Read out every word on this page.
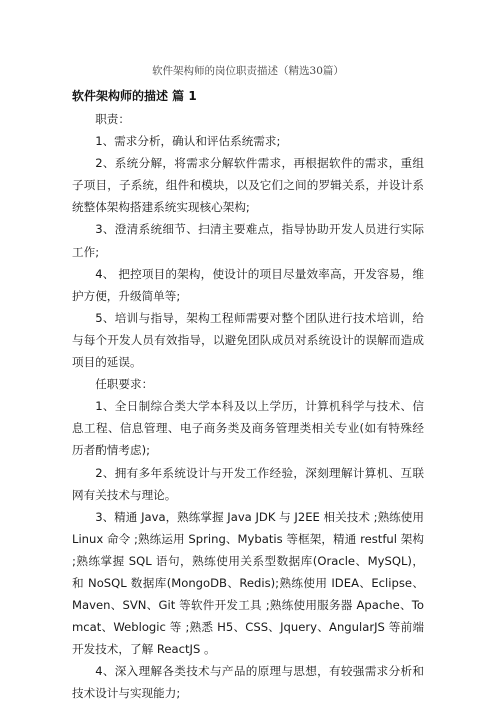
软件架构师的岗位职责描述（精选30篇）
软件架构师的描述 篇 1

职责：

1、需求分析，确认和评估系统需求;

2、系统分解，将需求分解软件需求，再根据软件的需求，重组子项目，子系统，组件和模块，以及它们之间的罗辑关系，并设计系统整体架构搭建系统实现核心架构;

3、澄清系统细节、扫清主要难点，指导协助开发人员进行实际工作;

4、 把控项目的架构，使设计的项目尽量效率高，开发容易，维护方便，升级简单等;

5、培训与指导，架构工程师需要对整个团队进行技术培训，给与每个开发人员有效指导，以避免团队成员对系统设计的误解而造成项目的延误。

任职要求：

1、全日制综合类大学本科及以上学历，计算机科学与技术、信息工程、信息管理、电子商务类及商务管理类相关专业(如有特殊经历者酌情考虑);

2、拥有多年系统设计与开发工作经验，深刻理解计算机、互联网有关技术与理论。

3、精通 Java，熟练掌握 Java JDK 与 J2EE 相关技术 ;熟练使用 Linux 命令 ;熟练运用 Spring、Mybatis 等框架，精通 restful 架构 ;熟练掌握 SQL 语句，熟练使用关系型数据库(Oracle、MySQL)，和 NoSQL 数据库(MongoDB、Redis);熟练使用 IDEA、Eclipse、Maven、SVN、Git 等软件开发工具 ;熟练使用服务器 Apache、Tomcat、Weblogic 等 ;熟悉 H5、CSS、Jquery、AngularJS 等前端开发技术，了解 ReactJS 。

4、深入理解各类技术与产品的原理与思想，有较强需求分析和技术设计与实现能力;
